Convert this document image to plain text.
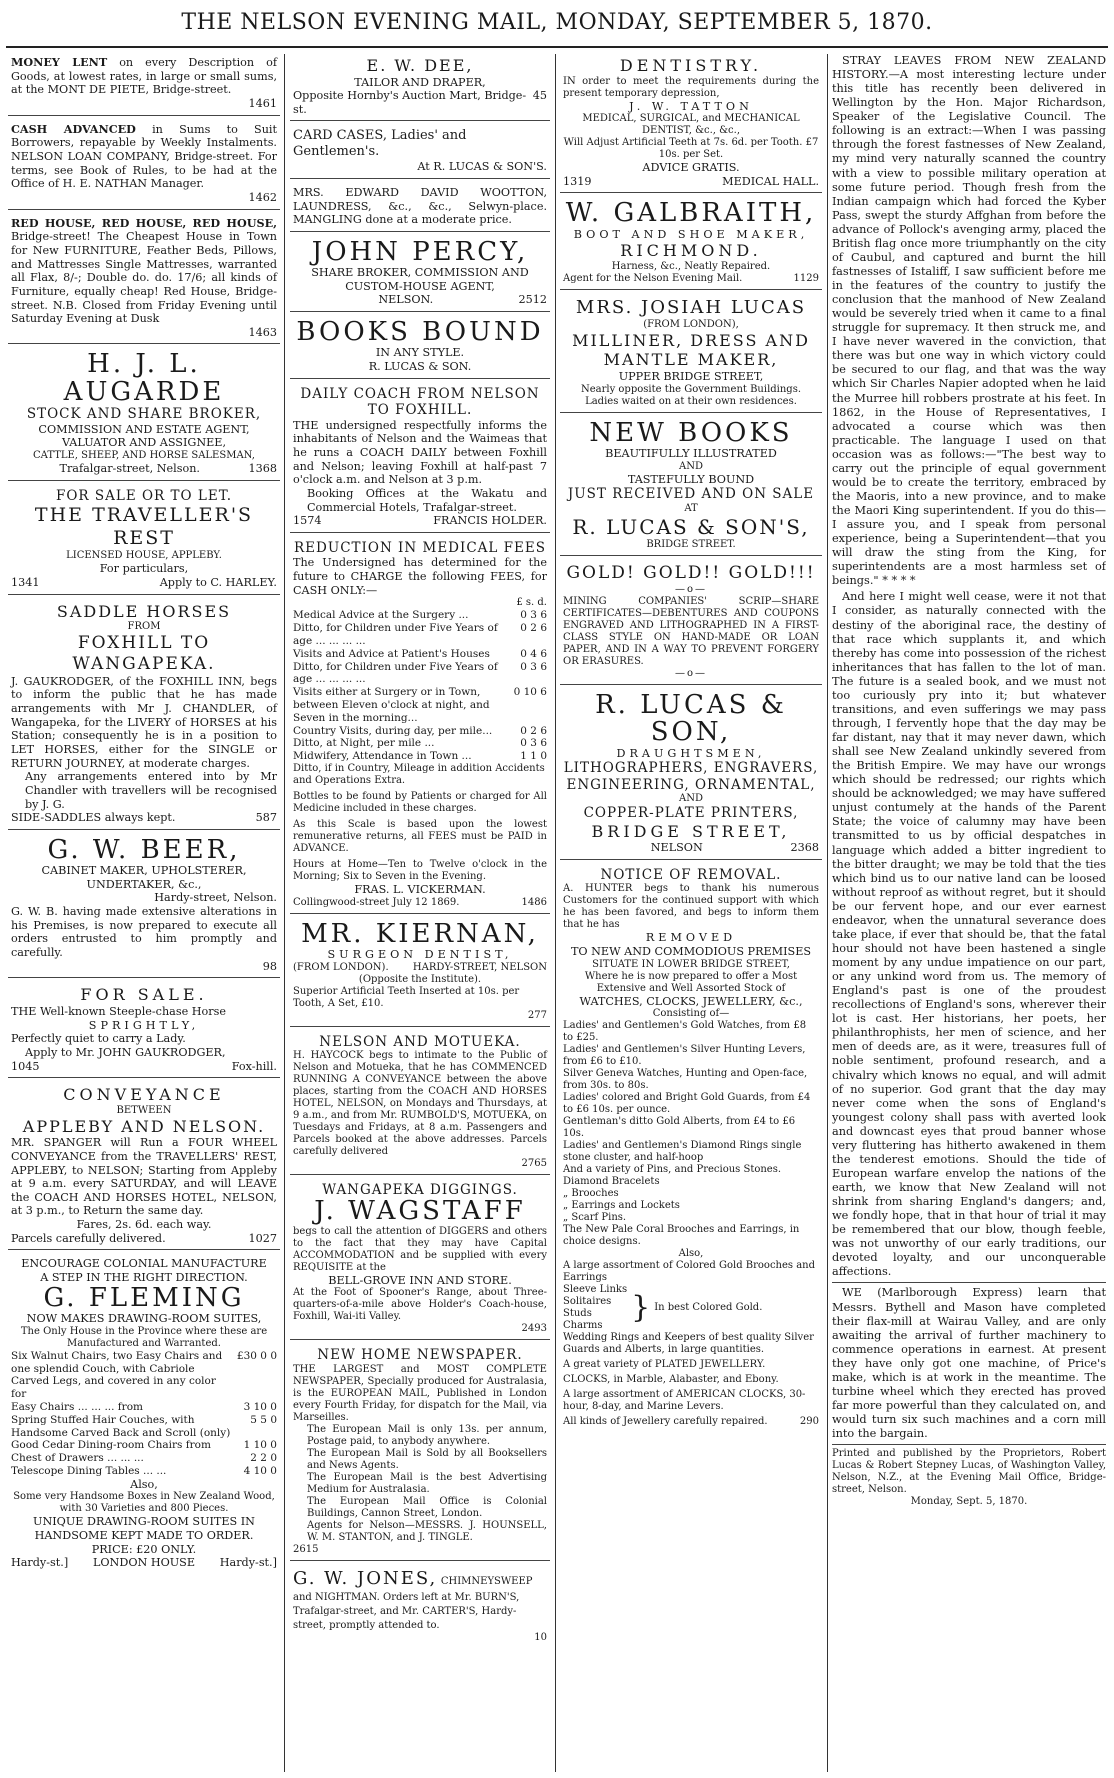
THE NELSON EVENING MAIL, MONDAY, SEPTEMBER 5, 1870.
MONEY LENT on every Description of Goods, at lowest rates, in large or small sums, at the MONT DE PIETE, Bridge-street.
1461
CASH ADVANCED in Sums to Suit Borrowers, repayable by Weekly Instalments. NELSON LOAN COMPANY, Bridge-street. For terms, see Book of Rules, to be had at the Office of H. E. NATHAN Manager.
1462
RED HOUSE, RED HOUSE, RED HOUSE, Bridge-street! The Cheapest House in Town for New FURNITURE, Feather Beds, Pillows, and Mattresses Single Mattresses, warranted all Flax, 8/-; Double do. do. 17/6; all kinds of Furniture, equally cheap! Red House, Bridge-street. N.B. Closed from Friday Evening until Saturday Evening at Dusk
1463
H. J. L. AUGARDE
STOCK AND SHARE BROKER,
COMMISSION AND ESTATE AGENT,
VALUATOR AND ASSIGNEE,
CATTLE, SHEEP, AND HORSE SALESMAN,
Trafalgar-street, Nelson.	1368
FOR SALE OR TO LET.
THE TRAVELLER'S REST
LICENSED HOUSE, APPLEBY.
For particulars,
1341	Apply to C. HARLEY.
SADDLE HORSES
FROM
FOXHILL TO WANGAPEKA.
J. GAUKRODGER, of the FOXHILL INN, begs to inform the public that he has made arrangements with Mr J. CHANDLER, of Wangapeka, for the LIVERY of HORSES at his Station; consequently he is in a position to LET HORSES, either for the SINGLE or RETURN JOURNEY, at moderate charges.
Any arrangements entered into by Mr Chandler with travellers will be recognised by J. G.
SIDE-SADDLES always kept.	587
G. W. BEER,
CABINET MAKER, UPHOLSTERER,
UNDERTAKER, &c.,
Hardy-street, Nelson.
G. W. B. having made extensive alterations in his Premises, is now prepared to execute all orders entrusted to him promptly and carefully.
98
FOR SALE.
THE Well-known Steeple-chase Horse
SPRIGHTLY,
Perfectly quiet to carry a Lady.
Apply to Mr. JOHN GAUKRODGER,
1045	Fox-hill.
CONVEYANCE
BETWEEN
APPLEBY AND NELSON.
MR. SPANGER will Run a FOUR WHEEL CONVEYANCE from the TRAVELLERS' REST, APPLEBY, to NELSON; Starting from Appleby at 9 a.m. every SATURDAY, and will LEAVE the COACH AND HORSES HOTEL, NELSON, at 3 p.m., to Return the same day.
Fares, 2s. 6d. each way.
Parcels carefully delivered.	1027
ENCOURAGE COLONIAL MANUFACTURE
A STEP IN THE RIGHT DIRECTION.
G. FLEMING
NOW MAKES DRAWING-ROOM SUITES,
The Only House in the Province where these are Manufactured and Warranted.
Six Walnut Chairs, two Easy Chairs and one splendid Couch, with Cabriole Carved Legs, and covered in any color for
£30 0 0
Easy Chairs ... ... ... from	3 10 0
Spring Stuffed Hair Couches, with Handsome Carved Back and Scroll (only)
5 5 0
Good Cedar Dining-room Chairs from	1 10 0
Chest of Drawers ... ... ...	2 2 0
Telescope Dining Tables ... ...	4 10 0
Also,
Some very Handsome Boxes in New Zealand Wood, with 30 Varieties and 800 Pieces.
UNIQUE DRAWING-ROOM SUITES IN HANDSOME KEPT MADE TO ORDER.
PRICE: £20 ONLY.
Hardy-st.] LONDON HOUSE Hardy-st.]
E. W. DEE,
TAILOR AND DRAPER,
Opposite Hornby's Auction Mart, Bridge-st.
45
CARD CASES, Ladies' and Gentlemen's.
At R. LUCAS & SON'S.
MRS. EDWARD DAVID WOOTTON, LAUNDRESS, &c., &c., Selwyn-place. MANGLING done at a moderate price.
JOHN PERCY,
SHARE BROKER, COMMISSION AND
CUSTOM-HOUSE AGENT,
NELSON.	2512
BOOKS BOUND
IN ANY STYLE.
R. LUCAS & SON.
DAILY COACH FROM NELSON TO FOXHILL.
THE undersigned respectfully informs the inhabitants of Nelson and the Waimeas that he runs a COACH DAILY between Foxhill and Nelson; leaving Foxhill at half-past 7 o'clock a.m. and Nelson at 3 p.m.
Booking Offices at the Wakatu and Commercial Hotels, Trafalgar-street.
1574	FRANCIS HOLDER.
REDUCTION IN MEDICAL FEES
The Undersigned has determined for the future to CHARGE the following FEES, for CASH ONLY:—
£ s. d.
Medical Advice at the Surgery ...	0 3 6
Ditto, for Children under Five Years of age ... ... ... ...
0 2 6
Visits and Advice at Patient's Houses	0 4 6
Ditto, for Children under Five Years of age ... ... ... ...
0 3 6
Visits either at Surgery or in Town, between Eleven o'clock at night, and Seven in the morning...
0 10 6
Country Visits, during day, per mile...	0 2 6
Ditto, at Night, per mile ...	0 3 6
Midwifery, Attendance in Town ...	1 1 0
Ditto, if in Country, Mileage in addition Accidents and Operations Extra.
Bottles to be found by Patients or charged for All Medicine included in these charges.
As this Scale is based upon the lowest remunerative returns, all FEES must be PAID in ADVANCE.
Hours at Home—Ten to Twelve o'clock in the Morning; Six to Seven in the Evening.
FRAS. L. VICKERMAN.
Collingwood-street July 12 1869.	1486
MR. KIERNAN,
SURGEON DENTIST,
(FROM LONDON). HARDY-STREET, NELSON
(Opposite the Institute).
Superior Artificial Teeth Inserted at 10s. per Tooth, A Set, £10.
277
NELSON AND MOTUEKA.
H. HAYCOCK begs to intimate to the Public of Nelson and Motueka, that he has COMMENCED RUNNING A CONVEYANCE between the above places, starting from the COACH AND HORSES HOTEL, NELSON, on Mondays and Thursdays, at 9 a.m., and from Mr. RUMBOLD'S, MOTUEKA, on Tuesdays and Fridays, at 8 a.m. Passengers and Parcels booked at the above addresses. Parcels carefully delivered
2765
WANGAPEKA DIGGINGS.
J. WAGSTAFF
begs to call the attention of DIGGERS and others to the fact that they may have Capital ACCOMMODATION and be supplied with every REQUISITE at the
BELL-GROVE INN AND STORE.
At the Foot of Spooner's Range, about Three-quarters-of-a-mile above Holder's Coach-house, Foxhill, Wai-iti Valley.
2493
NEW HOME NEWSPAPER.
THE LARGEST and MOST COMPLETE NEWSPAPER, Specially produced for Australasia, is the EUROPEAN MAIL, Published in London every Fourth Friday, for dispatch for the Mail, via Marseilles.
The European Mail is only 13s. per annum, Postage paid, to anybody anywhere.
The European Mail is Sold by all Booksellers and News Agents.
The European Mail is the best Advertising Medium for Australasia.
The European Mail Office is Colonial Buildings, Cannon Street, London.
Agents for Nelson—MESSRS. J. HOUNSELL, W. M. STANTON, and J. TINGLE.
2615
G. W. JONES, CHIMNEYSWEEP and NIGHTMAN. Orders left at Mr. BURN'S, Trafalgar-street, and Mr. CARTER'S, Hardy-street, promptly attended to.
10
DENTISTRY.
IN order to meet the requirements during the present temporary depression,
J. W. TATTON
MEDICAL, SURGICAL, and MECHANICAL DENTIST, &c., &c.,
Will Adjust Artificial Teeth at 7s. 6d. per Tooth. £7 10s. per Set.
ADVICE GRATIS.
1319	MEDICAL HALL.
W. GALBRAITH,
BOOT AND SHOE MAKER,
RICHMOND.
Harness, &c., Neatly Repaired.
Agent for the Nelson Evening Mail.	1129
MRS. JOSIAH LUCAS
(FROM LONDON),
MILLINER, DRESS AND MANTLE MAKER,
UPPER BRIDGE STREET,
Nearly opposite the Government Buildings.
Ladies waited on at their own residences.
NEW BOOKS
BEAUTIFULLY ILLUSTRATED
AND
TASTEFULLY BOUND
JUST RECEIVED AND ON SALE
AT
R. LUCAS & SON'S,
BRIDGE STREET.
GOLD! GOLD!! GOLD!!!
—o—
MINING COMPANIES' SCRIP—SHARE CERTIFICATES—DEBENTURES AND COUPONS ENGRAVED AND LITHOGRAPHED IN A FIRST-CLASS STYLE ON HAND-MADE OR LOAN PAPER, AND IN A WAY TO PREVENT FORGERY OR ERASURES.
—o—
R. LUCAS & SON,
DRAUGHTSMEN,
LITHOGRAPHERS, ENGRAVERS,
ENGINEERING, ORNAMENTAL,
AND
COPPER-PLATE PRINTERS,
BRIDGE STREET,
NELSON	2368
NOTICE OF REMOVAL.
A. HUNTER begs to thank his numerous Customers for the continued support with which he has been favored, and begs to inform them that he has
REMOVED
TO NEW AND COMMODIOUS PREMISES
SITUATE IN LOWER BRIDGE STREET,
Where he is now prepared to offer a Most Extensive and Well Assorted Stock of
WATCHES, CLOCKS, JEWELLERY, &c.,
Consisting of—
Ladies' and Gentlemen's Gold Watches, from £8 to £25.
Ladies' and Gentlemen's Silver Hunting Levers, from £6 to £10.
Silver Geneva Watches, Hunting and Open-face, from 30s. to 80s.
Ladies' colored and Bright Gold Guards, from £4 to £6 10s. per ounce.
Gentleman's ditto Gold Alberts, from £4 to £6 10s.
Ladies' and Gentlemen's Diamond Rings single stone cluster, and half-hoop
And a variety of Pins, and Precious Stones.
Diamond Bracelets
„ Brooches
„ Earrings and Lockets
„ Scarf Pins.
The New Pale Coral Brooches and Earrings, in choice designs.
Also,
A large assortment of Colored Gold Brooches and Earrings
Sleeve Links
Solitaires
Studs
Charms
} In best Colored Gold.
Wedding Rings and Keepers of best quality Silver Guards and Alberts, in large quantities.
A great variety of PLATED JEWELLERY.
CLOCKS, in Marble, Alabaster, and Ebony.
A large assortment of AMERICAN CLOCKS, 30-hour, 8-day, and Marine Levers.
All kinds of Jewellery carefully repaired.	290

STRAY LEAVES FROM NEW ZEALAND HISTORY.—A most interesting lecture under this title has recently been delivered in Wellington by the Hon. Major Richardson, Speaker of the Legislative Council. The following is an extract:—When I was passing through the forest fastnesses of New Zealand, my mind very naturally scanned the country with a view to possible military operation at some future period. Though fresh from the Indian campaign which had forced the Kyber Pass, swept the sturdy Affghan from before the advance of Pollock's avenging army, placed the British flag once more triumphantly on the city of Caubul, and captured and burnt the hill fastnesses of Istaliff, I saw sufficient before me in the features of the country to justify the conclusion that the manhood of New Zealand would be severely tried when it came to a final struggle for supremacy. It then struck me, and I have never wavered in the conviction, that there was but one way in which victory could be secured to our flag, and that was the way which Sir Charles Napier adopted when he laid the Murree hill robbers prostrate at his feet. In 1862, in the House of Representatives, I advocated a course which was then practicable. The language I used on that occasion was as follows:—"The best way to carry out the principle of equal government would be to create the territory, embraced by the Maoris, into a new province, and to make the Maori King superintendent. If you do this—I assure you, and I speak from personal experience, being a Superintendent—that you will draw the sting from the King, for superintendents are a most harmless set of beings." * * * *

And here I might well cease, were it not that I consider, as naturally connected with the destiny of the aboriginal race, the destiny of that race which supplants it, and which thereby has come into possession of the richest inheritances that has fallen to the lot of man. The future is a sealed book, and we must not too curiously pry into it; but whatever transitions, and even sufferings we may pass through, I fervently hope that the day may be far distant, nay that it may never dawn, which shall see New Zealand unkindly severed from the British Empire. We may have our wrongs which should be redressed; our rights which should be acknowledged; we may have suffered unjust contumely at the hands of the Parent State; the voice of calumny may have been transmitted to us by official despatches in language which added a bitter ingredient to the bitter draught; we may be told that the ties which bind us to our native land can be loosed without reproof as without regret, but it should be our fervent hope, and our ever earnest endeavor, when the unnatural severance does take place, if ever that should be, that the fatal hour should not have been hastened a single moment by any undue impatience on our part, or any unkind word from us. The memory of England's past is one of the proudest recollections of England's sons, wherever their lot is cast. Her historians, her poets, her philanthrophists, her men of science, and her men of deeds are, as it were, treasures full of noble sentiment, profound research, and a chivalry which knows no equal, and will admit of no superior. God grant that the day may never come when the sons of England's youngest colony shall pass with averted look and downcast eyes that proud banner whose very fluttering has hitherto awakened in them the tenderest emotions. Should the tide of European warfare envelop the nations of the earth, we know that New Zealand will not shrink from sharing England's dangers; and, we fondly hope, that in that hour of trial it may be remembered that our blow, though feeble, was not unworthy of our early traditions, our devoted loyalty, and our unconquerable affections.

WE (Marlborough Express) learn that Messrs. Bythell and Mason have completed their flax-mill at Wairau Valley, and are only awaiting the arrival of further machinery to commence operations in earnest. At present they have only got one machine, of Price's make, which is at work in the meantime. The turbine wheel which they erected has proved far more powerful than they calculated on, and would turn six such machines and a corn mill into the bargain.

Printed and published by the Proprietors, Robert Lucas & Robert Stepney Lucas, of Washington Valley, Nelson, N.Z., at the Evening Mail Office, Bridge-street, Nelson.
Monday, Sept. 5, 1870.
